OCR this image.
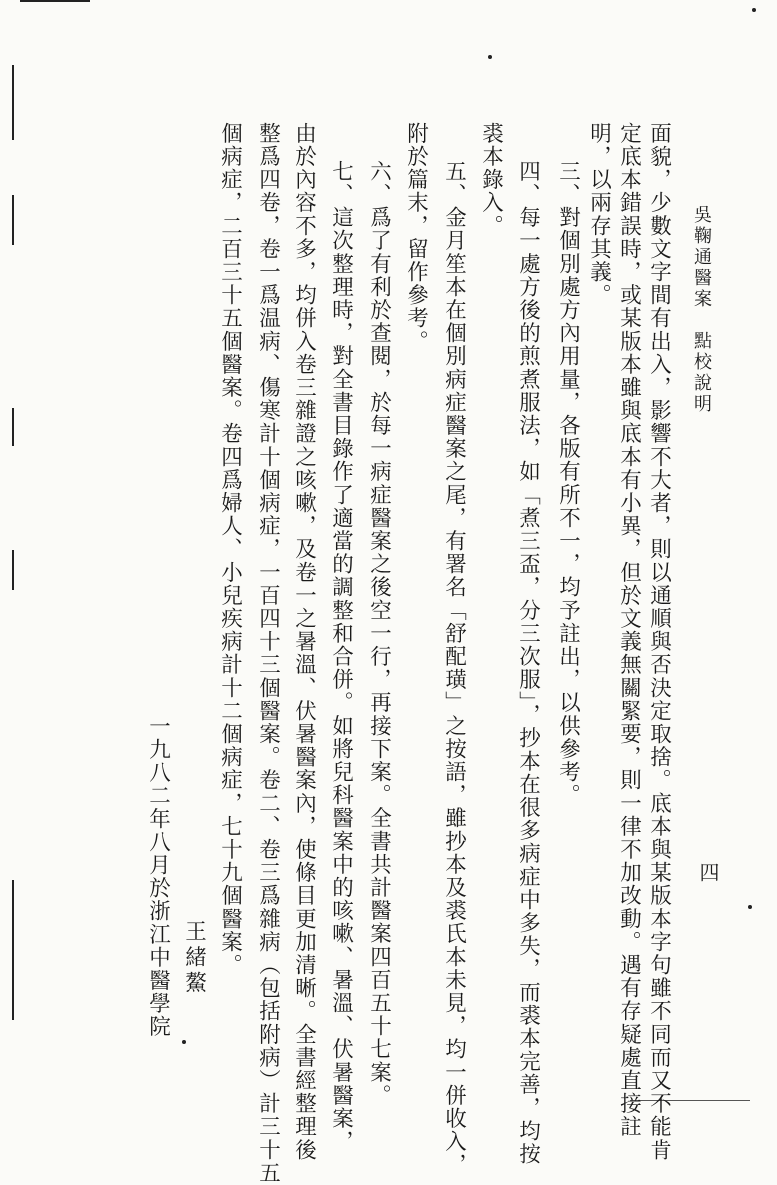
吳鞠通醫案　點校說明
四
面貌，少數文字間有出入，影響不大者，則以通順與否決定取捨。底本與某版本字句雖不同而又不能肯
定底本錯誤時，或某版本雖與底本有小異，但於文義無關緊要，則一律不加改動。遇有存疑處直接註
明，以兩存其義。
三、對個別處方內用量，各版有所不一，均予註出，以供參考。
四、每一處方後的煎煮服法，如「煮三盃，分三次服」，抄本在很多病症中多失，而裘本完善，均按
裘本錄入。
五、金月笙本在個別病症醫案之尾，有署名「舒配璜」之按語，雖抄本及裘氏本未見，均一併收入，
附於篇末，留作參考。
六、爲了有利於查閱，於每一病症醫案之後空一行，再接下案。全書共計醫案四百五十七案。
七、這次整理時，對全書目錄作了適當的調整和合併。如將兒科醫案中的咳嗽、暑溫、伏暑醫案，
由於內容不多，均併入卷三雜證之咳嗽，及卷一之暑溫、伏暑醫案內，使條目更加清晰。全書經整理後
整爲四卷，卷一爲温病、傷寒計十個病症，一百四十三個醫案。卷二、卷三爲雜病（包括附病）計三十五
個病症，二百三十五個醫案。卷四爲婦人、小兒疾病計十二個病症，七十九個醫案。
王緒鰲
一九八二年八月於浙江中醫學院
